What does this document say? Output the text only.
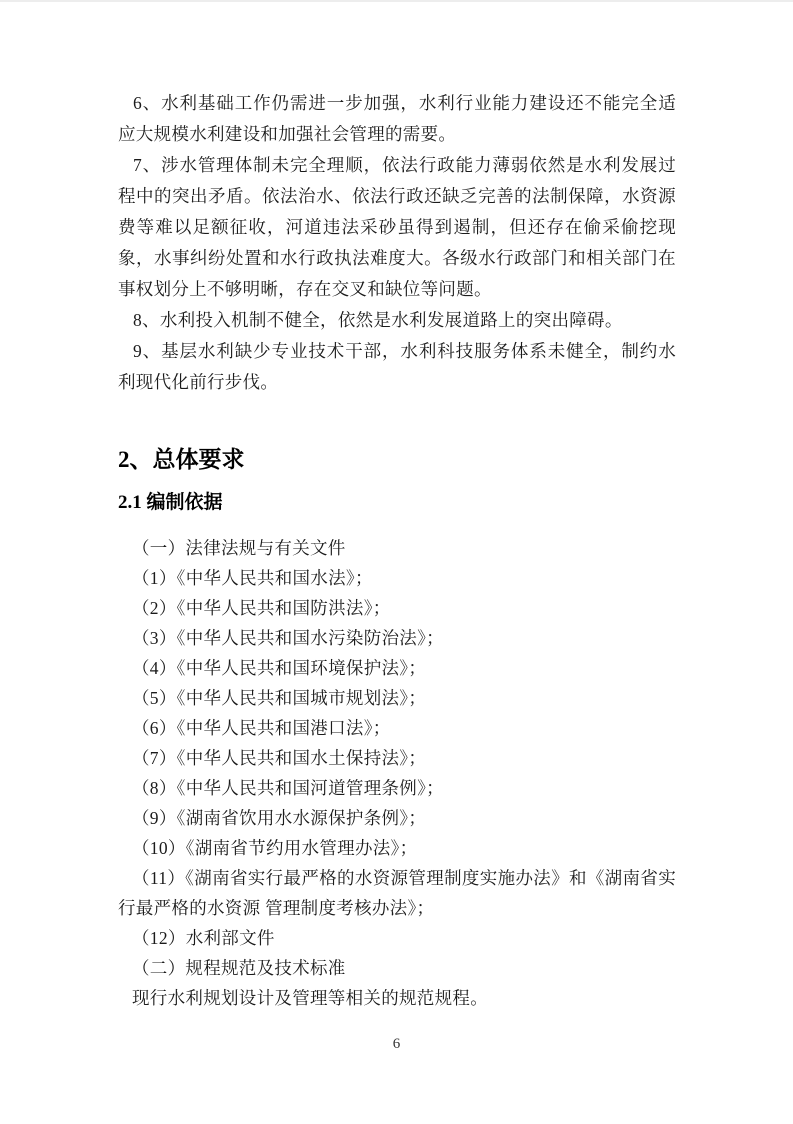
6、水利基础工作仍需进一步加强，水利行业能力建设还不能完全适应大规模水利建设和加强社会管理的需要。

7、涉水管理体制未完全理顺，依法行政能力薄弱依然是水利发展过程中的突出矛盾。依法治水、依法行政还缺乏完善的法制保障，水资源费等难以足额征收，河道违法采砂虽得到遏制，但还存在偷采偷挖现象，水事纠纷处置和水行政执法难度大。各级水行政部门和相关部门在事权划分上不够明晰，存在交叉和缺位等问题。

8、水利投入机制不健全，依然是水利发展道路上的突出障碍。

9、基层水利缺少专业技术干部，水利科技服务体系未健全，制约水利现代化前行步伐。

2、总体要求
2.1 编制依据

（一）法律法规与有关文件

（1）《中华人民共和国水法》；

（2）《中华人民共和国防洪法》；

（3）《中华人民共和国水污染防治法》；

（4）《中华人民共和国环境保护法》；

（5）《中华人民共和国城市规划法》；

（6）《中华人民共和国港口法》；

（7）《中华人民共和国水土保持法》；

（8）《中华人民共和国河道管理条例》；

（9）《湖南省饮用水水源保护条例》；

（10）《湖南省节约用水管理办法》；

（11）《湖南省实行最严格的水资源管理制度实施办法》和《湖南省实行最严格的水资源 管理制度考核办法》；

（12）水利部文件

（二）规程规范及技术标准

现行水利规划设计及管理等相关的规范规程。

6
